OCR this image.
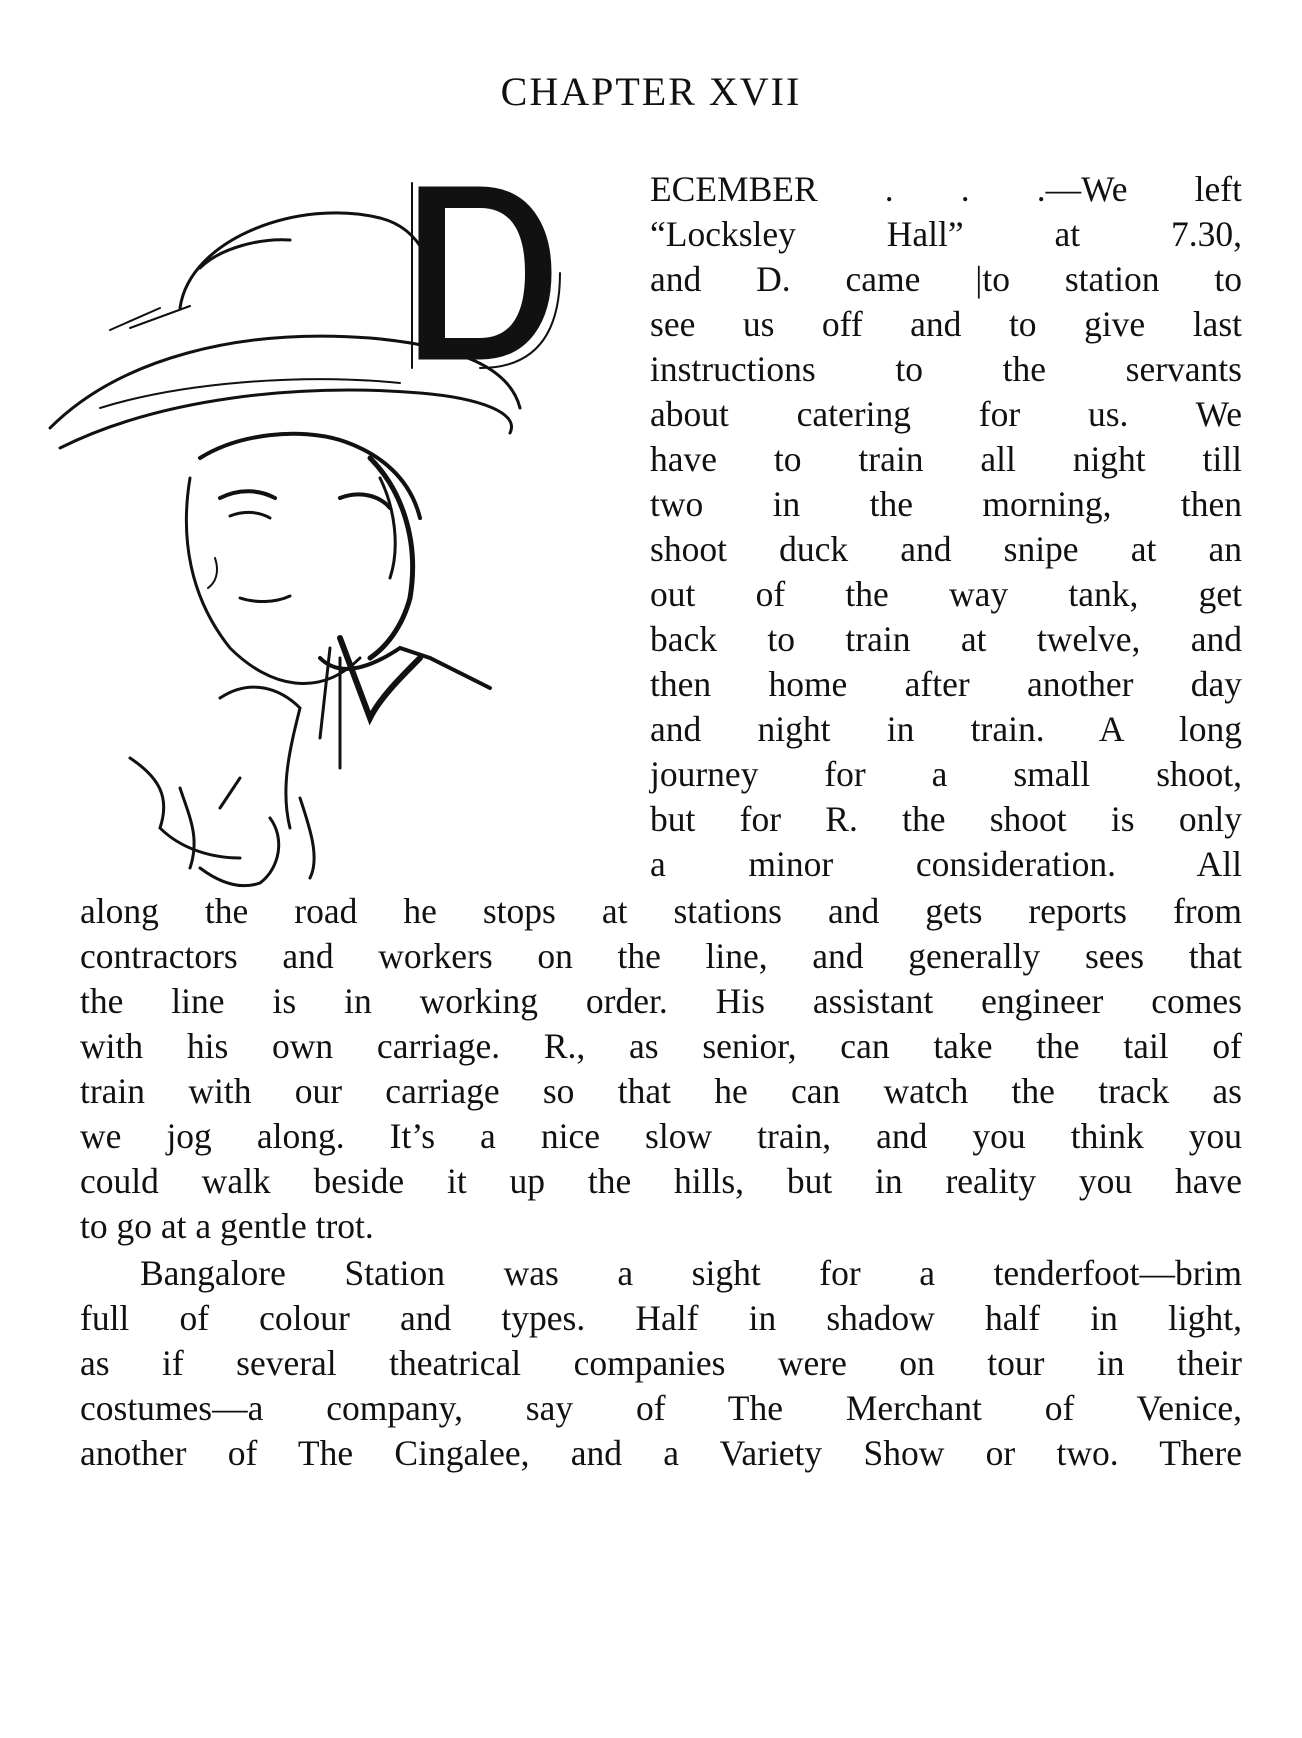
CHAPTER XVII
ECEMBER . . .—We left
“Locksley Hall” at 7.30,
and D. came |to station to
see us off and to give last
instructions to the servants
about catering for us. We
have to train all night till
two in the morning, then
shoot duck and snipe at an
out of the way tank, get
back to train at twelve, and
then home after another day
and night in train. A long
journey for a small shoot,
but for R. the shoot is only
a minor consideration. All
along the road he stops at stations and gets reports from
contractors and workers on the line, and generally sees that
the line is in working order. His assistant engineer comes
with his own carriage. R., as senior, can take the tail of
train with our carriage so that he can watch the track as
we jog along. It’s a nice slow train, and you think you
could walk beside it up the hills, but in reality you have
to go at a gentle trot.
Bangalore Station was a sight for a tenderfoot—brim
full of colour and types. Half in shadow half in light,
as if several theatrical companies were on tour in their
costumes—a company, say of The Merchant of Venice,
another of The Cingalee, and a Variety Show or two. There
